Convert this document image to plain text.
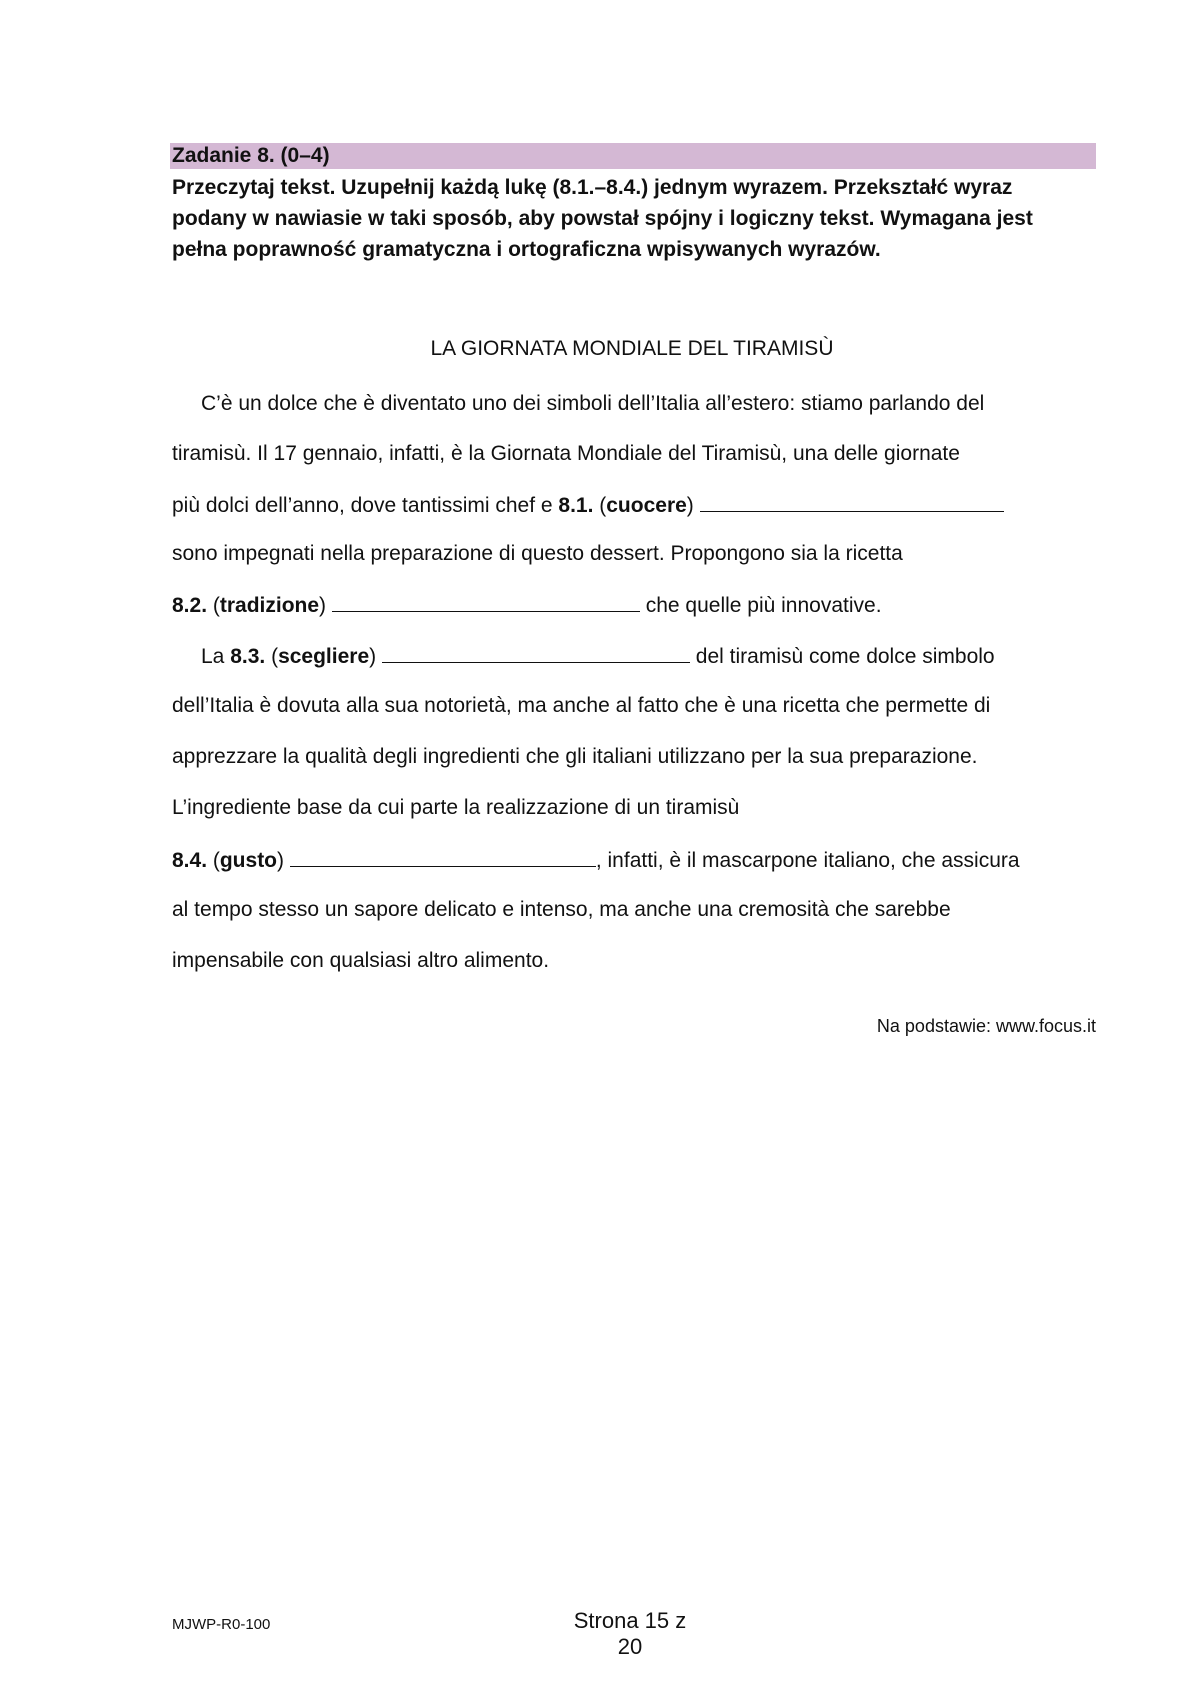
Zadanie 8. (0–4)
Przeczytaj tekst. Uzupełnij każdą lukę (8.1.–8.4.) jednym wyrazem. Przekształć wyraz
podany w nawiasie w taki sposób, aby powstał spójny i logiczny tekst. Wymagana jest
pełna poprawność gramatyczna i ortograficzna wpisywanych wyrazów.
LA GIORNATA MONDIALE DEL TIRAMISÙ
C’è un dolce che è diventato uno dei simboli dell’Italia all’estero: stiamo parlando del
tiramisù. Il 17 gennaio, infatti, è la Giornata Mondiale del Tiramisù, una delle giornate
più dolci dell’anno, dove tantissimi chef e 8.1. (cuocere)
sono impegnati nella preparazione di questo dessert. Propongono sia la ricetta
8.2. (tradizione)	che quelle più innovative.
La 8.3. (scegliere)	del tiramisù come dolce simbolo
dell’Italia è dovuta alla sua notorietà, ma anche al fatto che è una ricetta che permette di
apprezzare la qualità degli ingredienti che gli italiani utilizzano per la sua preparazione.
L’ingrediente base da cui parte la realizzazione di un tiramisù
8.4. (gusto)	, infatti, è il mascarpone italiano, che assicura
al tempo stesso un sapore delicato e intenso, ma anche una cremosità che sarebbe
impensabile con qualsiasi altro alimento.
Na podstawie: www.focus.it
MJWP-R0-100	Strona 15 z 20
